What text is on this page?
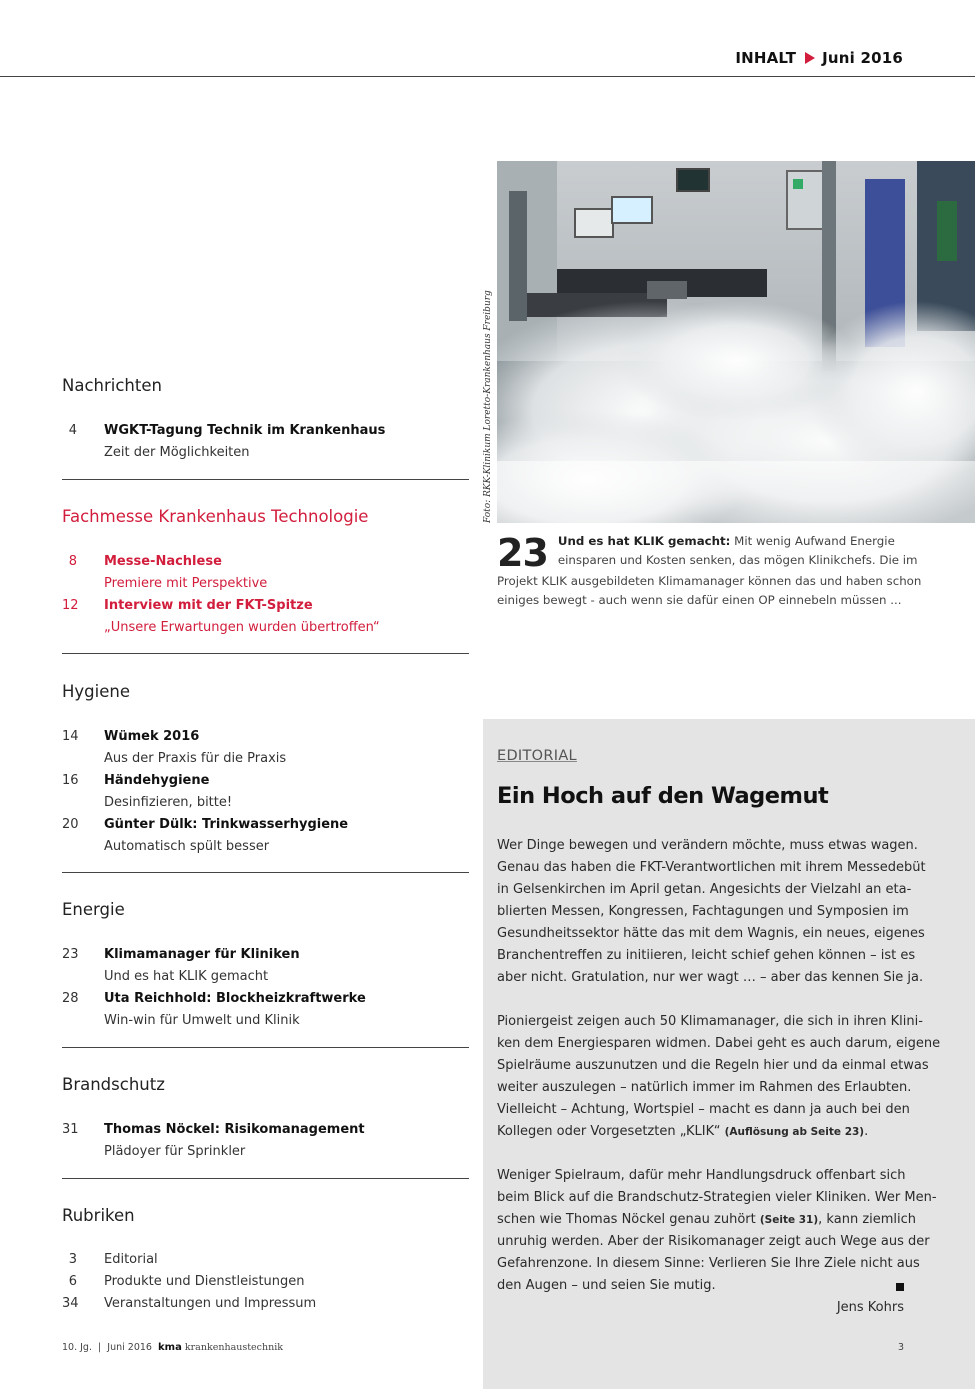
INHALT Juni 2016
Nachrichten
4 WGKT-Tagung Technik im Krankenhaus
Zeit der Möglichkeiten
Fachmesse Krankenhaus Technologie
8 Messe-Nachlese
Premiere mit Perspektive
12 Interview mit der FKT-Spitze
„Unsere Erwartungen wurden übertroffen“
Hygiene
14 Wümek 2016
Aus der Praxis für die Praxis
16 Händehygiene
Desinfizieren, bitte!
20 Günter Dülk: Trinkwasserhygiene
Automatisch spült besser
Energie
23 Klimamanager für Kliniken
Und es hat KLIK gemacht
28 Uta Reichhold: Blockheizkraftwerke
Win-win für Umwelt und Klinik
Brandschutz
31 Thomas Nöckel: Risikomanagement
Plädoyer für Sprinkler
Rubriken
3 Editorial
6 Produkte und Dienstleistungen
34 Veranstaltungen und Impressum
Foto: RKK-Klinikum Loretto-Krankenhaus Freiburg
23 Und es hat KLIK gemacht: Mit wenig Aufwand Energie
einsparen und Kosten senken, das mögen Klinikchefs. Die im
Projekt KLIK ausgebildeten Klimamanager können das und haben schon
einiges bewegt - auch wenn sie dafür einen OP einnebeln müssen ...
EDITORIAL
Ein Hoch auf den Wagemut
Wer Dinge bewegen und verändern möchte, muss etwas wagen.
Genau das haben die FKT-Verantwortlichen mit ihrem Messedebüt
in Gelsenkirchen im April getan. Angesichts der Vielzahl an eta-
blierten Messen, Kongressen, Fachtagungen und Symposien im
Gesundheitssektor hätte das mit dem Wagnis, ein neues, eigenes
Branchentreffen zu initiieren, leicht schief gehen können – ist es
aber nicht. Gratulation, nur wer wagt … – aber das kennen Sie ja.
Pioniergeist zeigen auch 50 Klimamanager, die sich in ihren Klini-
ken dem Energiesparen widmen. Dabei geht es auch darum, eigene
Spielräume auszunutzen und die Regeln hier und da einmal etwas
weiter auszulegen – natürlich immer im Rahmen des Erlaubten.
Vielleicht – Achtung, Wortspiel – macht es dann ja auch bei den
Kollegen oder Vorgesetzten „KLIK“ (Auflösung ab Seite 23).
Weniger Spielraum, dafür mehr Handlungsdruck offenbart sich
beim Blick auf die Brandschutz-Strategien vieler Kliniken. Wer Men-
schen wie Thomas Nöckel genau zuhört (Seite 31), kann ziemlich
unruhig werden. Aber der Risikomanager zeigt auch Wege aus der
Gefahrenzone. In diesem Sinne: Verlieren Sie Ihre Ziele nicht aus
den Augen – und seien Sie mutig.
Jens Kohrs
10. Jg. | Juni 2016 kma krankenhaustechnik	3
